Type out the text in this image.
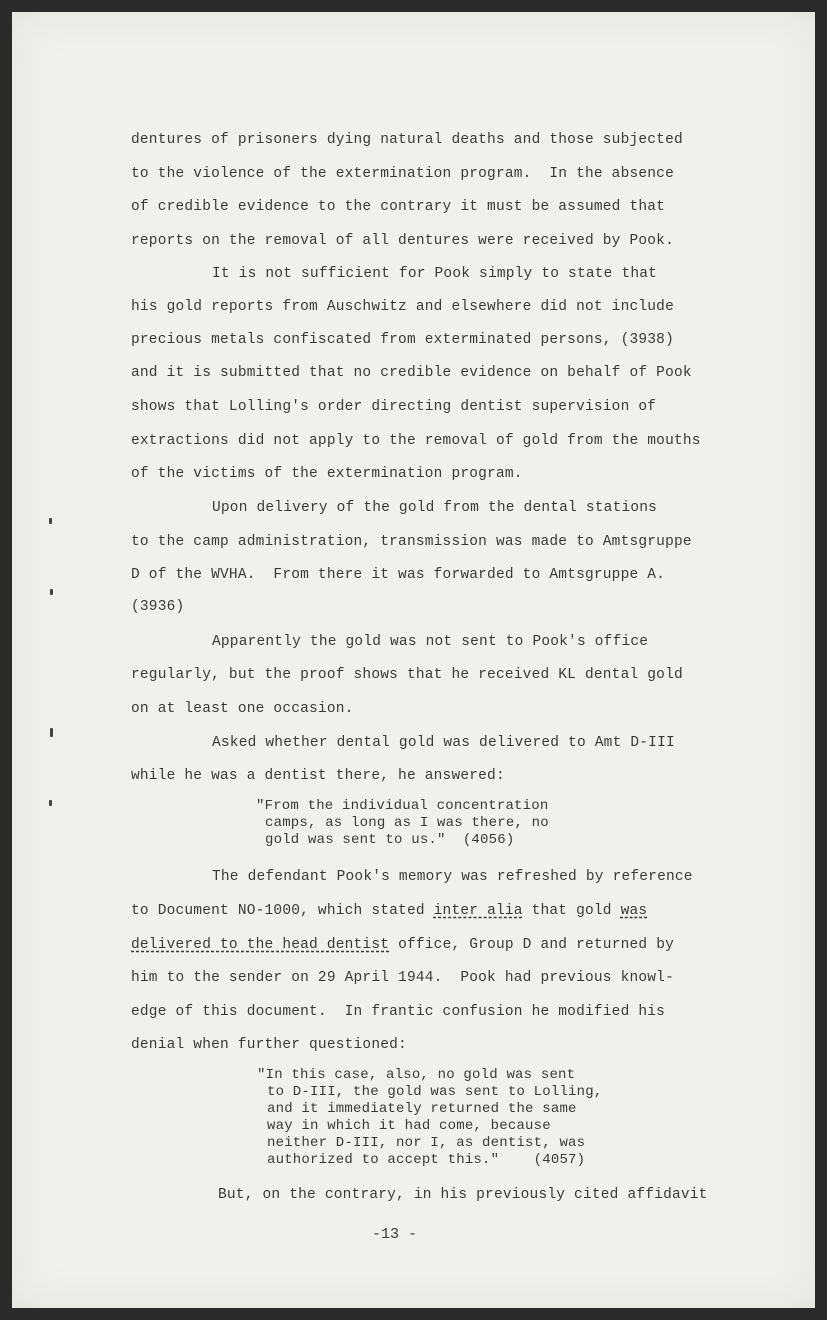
dentures of prisoners dying natural deaths and those subjected

to the violence of the extermination program.  In the absence

of credible evidence to the contrary it must be assumed that

reports on the removal of all dentures were received by Pook.

It is not sufficient for Pook simply to state that

his gold reports from Auschwitz and elsewhere did not include

precious metals confiscated from exterminated persons, (3938)

and it is submitted that no credible evidence on behalf of Pook

shows that Lolling's order directing dentist supervision of

extractions did not apply to the removal of gold from the mouths

of the victims of the extermination program.

Upon delivery of the gold from the dental stations

to the camp administration, transmission was made to Amtsgruppe

D of the WVHA.  From there it was forwarded to Amtsgruppe A.

(3936)

Apparently the gold was not sent to Pook's office

regularly, but the proof shows that he received KL dental gold

on at least one occasion.

Asked whether dental gold was delivered to Amt D-III

while he was a dentist there, he answered:

"From the individual concentration

camps, as long as I was there, no

gold was sent to us."  (4056)

The defendant Pook's memory was refreshed by reference

to Document NO-1000, which stated inter alia that gold was

delivered to the head dentist office, Group D and returned by

him to the sender on 29 April 1944.  Pook had previous knowl-

edge of this document.  In frantic confusion he modified his

denial when further questioned:

"In this case, also, no gold was sent

to D-III, the gold was sent to Lolling,

and it immediately returned the same

way in which it had come, because

neither D-III, nor I, as dentist, was

authorized to accept this."    (4057)

But, on the contrary, in his previously cited affidavit

-13 -
